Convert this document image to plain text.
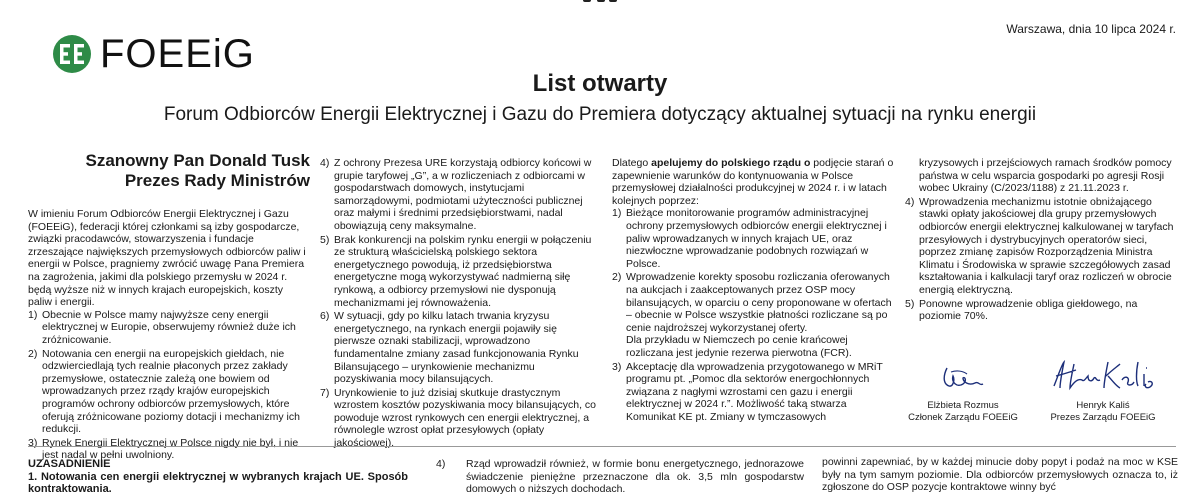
Warszawa, dnia 10 lipca 2024 r.
FOEEiG
List otwarty
Forum Odbiorców Energii Elektrycznej i Gazu do Premiera dotyczący aktualnej sytuacji na rynku energii
Szanowny Pan Donald Tusk
Prezes Rady Ministrów

W imieniu Forum Odbiorców Energii Elektrycznej i Gazu (FOEEiG), federacji której członkami są izby gospodarcze, związki pracodawców, stowarzyszenia i fundacje zrzeszające największych przemysłowych odbiorców paliw i energii w Polsce, pragniemy zwrócić uwagę Pana Premiera na zagrożenia, jakimi dla polskiego przemysłu w 2024 r. będą wyższe niż w innych krajach europejskich, koszty paliw i energii.

1) Obecnie w Polsce mamy najwyższe ceny energii elektrycznej w Europie, obserwujemy również duże ich zróżnicowanie.
2) Notowania cen energii na europejskich giełdach, nie odzwierciedlają tych realnie płaconych przez zakłady przemysłowe, ostatecznie zależą one bowiem od wprowadzanych przez rządy krajów europejskich programów ochrony odbiorców przemysłowych, które oferują zróżnicowane poziomy dotacji i mechanizmy ich redukcji.
3) Rynek Energii Elektrycznej w Polsce nigdy nie był, i nie jest nadal w pełni uwolniony.
4) Z ochrony Prezesa URE korzystają odbiorcy końcowi w grupie taryfowej „G”, a w rozliczeniach z odbiorcami w gospodarstwach domowych, instytucjami samorządowymi, podmiotami użyteczności publicznej oraz małymi i średnimi przedsiębiorstwami, nadal obowiązują ceny maksymalne.
5) Brak konkurencji na polskim rynku energii w połączeniu ze strukturą właścicielską polskiego sektora energetycznego powodują, iż przedsiębiorstwa energetyczne mogą wykorzystywać nadmierną siłę rynkową, a odbiorcy przemysłowi nie dysponują mechanizmami jej równoważenia.
6) W sytuacji, gdy po kilku latach trwania kryzysu energetycznego, na rynkach energii pojawiły się pierwsze oznaki stabilizacji, wprowadzono fundamentalne zmiany zasad funkcjonowania Rynku Bilansującego – urynkowienie mechanizmu pozyskiwania mocy bilansujących.
7) Urynkowienie to już dzisiaj skutkuje drastycznym wzrostem kosztów pozyskiwania mocy bilansujących, co powoduje wzrost rynkowych cen energii elektrycznej, a równolegle wzrost opłat przesyłowych (opłaty jakościowej).

Dlatego apelujemy do polskiego rządu o podjęcie starań o zapewnienie warunków do kontynuowania w Polsce przemysłowej działalności produkcyjnej w 2024 r. i w latach kolejnych poprzez:

1) Bieżące monitorowanie programów administracyjnej ochrony przemysłowych odbiorców energii elektrycznej i paliw wprowadzanych w innych krajach UE, oraz niezwłoczne wprowadzanie podobnych rozwiązań w Polsce.
2) Wprowadzenie korekty sposobu rozliczania oferowanych na aukcjach i zaakceptowanych przez OSP mocy bilansujących, w oparciu o ceny proponowane w ofertach – obecnie w Polsce wszystkie płatności rozliczane są po cenie najdroższej wykorzystanej oferty.
Dla przykładu w Niemczech po cenie krańcowej rozliczana jest jedynie rezerwa pierwotna (FCR).
3) Akceptację dla wprowadzenia przygotowanego w MRiT programu pt. „Pomoc dla sektorów energochłonnych związana z nagłymi wzrostami cen gazu i energii elektrycznej w 2024 r.”. Możliwość taką stwarza Komunikat KE pt. Zmiany w tymczasowych
kryzysowych i przejściowych ramach środków pomocy państwa w celu wsparcia gospodarki po agresji Rosji wobec Ukrainy (C/2023/1188) z 21.11.2023 r.
4) Wprowadzenia mechanizmu istotnie obniżającego stawki opłaty jakościowej dla grupy przemysłowych odbiorców energii elektrycznej kalkulowanej w taryfach przesyłowych i dystrybucyjnych operatorów sieci, poprzez zmianę zapisów Rozporządzenia Ministra Klimatu i Środowiska w sprawie szczegółowych zasad kształtowania i kalkulacji taryf oraz rozliczeń w obrocie energią elektryczną.
5) Ponowne wprowadzenie obliga giełdowego, na poziomie 70%.
Elżbieta Rozmus
Członek Zarządu FOEEiG
Henryk Kaliś
Prezes Zarządu FOEEiG
UZASADNIENIE
1. Notowania cen energii elektrycznej w wybranych krajach UE. Sposób kontraktowania.
4)	Rząd wprowadził również, w formie bonu energetycznego, jednorazowe świadczenie pieniężne przeznaczone dla ok. 3,5 mln gospodarstw domowych o niższych dochodach.
powinni zapewniać, by w każdej minucie doby popyt i podaż na moc w KSE były na tym samym poziomie. Dla odbiorców przemysłowych oznacza to, iż zgłoszone do OSP pozycje kontraktowe winny być
